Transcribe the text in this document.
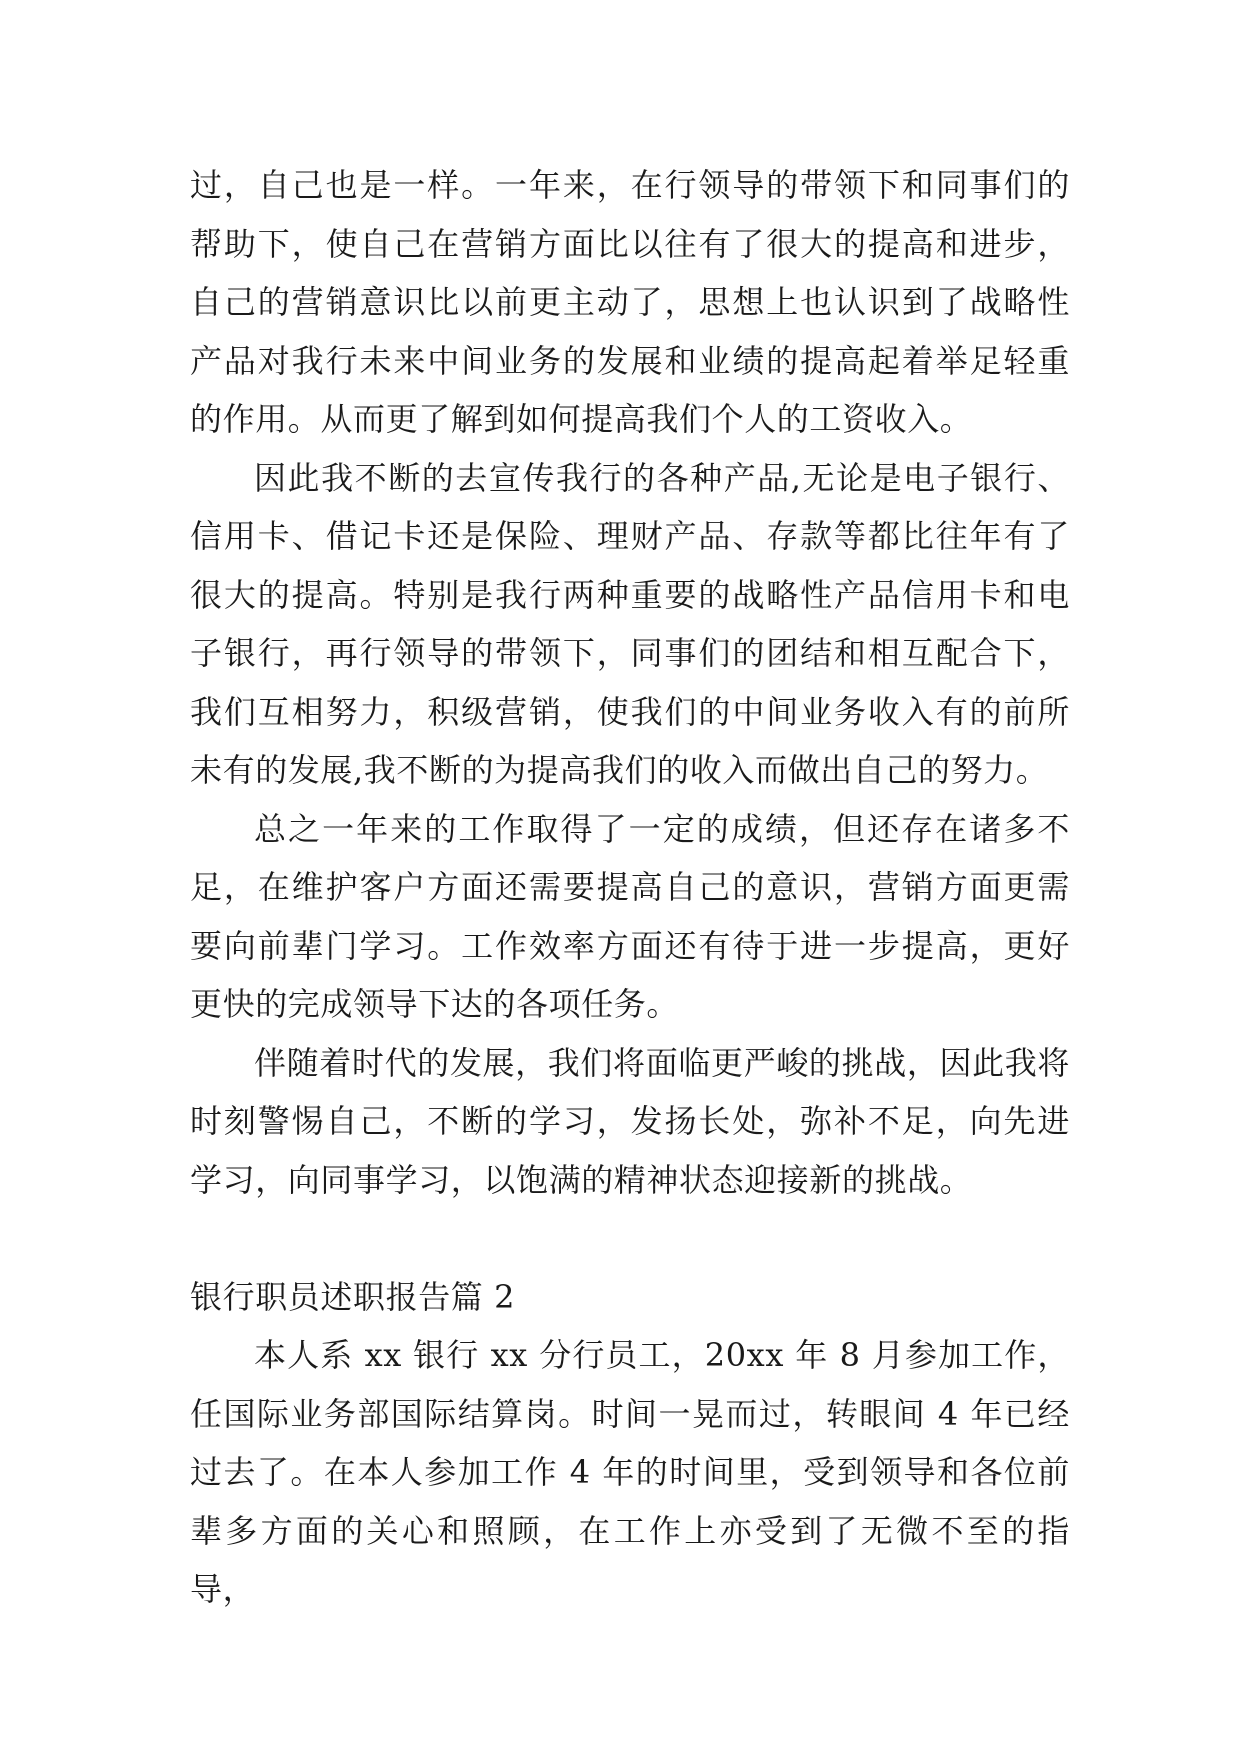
过，自己也是一样。一年来，在行领导的带领下和同事们的帮助下，使自己在营销方面比以往有了很大的提高和进步，自己的营销意识比以前更主动了，思想上也认识到了战略性产品对我行未来中间业务的发展和业绩的提高起着举足轻重的作用。从而更了解到如何提高我们个人的工资收入。

因此我不断的去宣传我行的各种产品,无论是电子银行、信用卡、借记卡还是保险、理财产品、存款等都比往年有了很大的提高。特别是我行两种重要的战略性产品信用卡和电子银行，再行领导的带领下，同事们的团结和相互配合下，我们互相努力，积级营销，使我们的中间业务收入有的前所未有的发展,我不断的为提高我们的收入而做出自己的努力。

总之一年来的工作取得了一定的成绩，但还存在诸多不足，在维护客户方面还需要提高自己的意识，营销方面更需要向前辈门学习。工作效率方面还有待于进一步提高，更好更快的完成领导下达的各项任务。

伴随着时代的发展，我们将面临更严峻的挑战，因此我将时刻警惕自己，不断的学习，发扬长处，弥补不足，向先进学习，向同事学习，以饱满的精神状态迎接新的挑战。

银行职员述职报告篇 2

本人系 xx 银行 xx 分行员工，20xx 年 8 月参加工作，任国际业务部国际结算岗。时间一晃而过，转眼间 4 年已经过去了。在本人参加工作 4 年的时间里，受到领导和各位前辈多方面的关心和照顾，在工作上亦受到了无微不至的指导，
